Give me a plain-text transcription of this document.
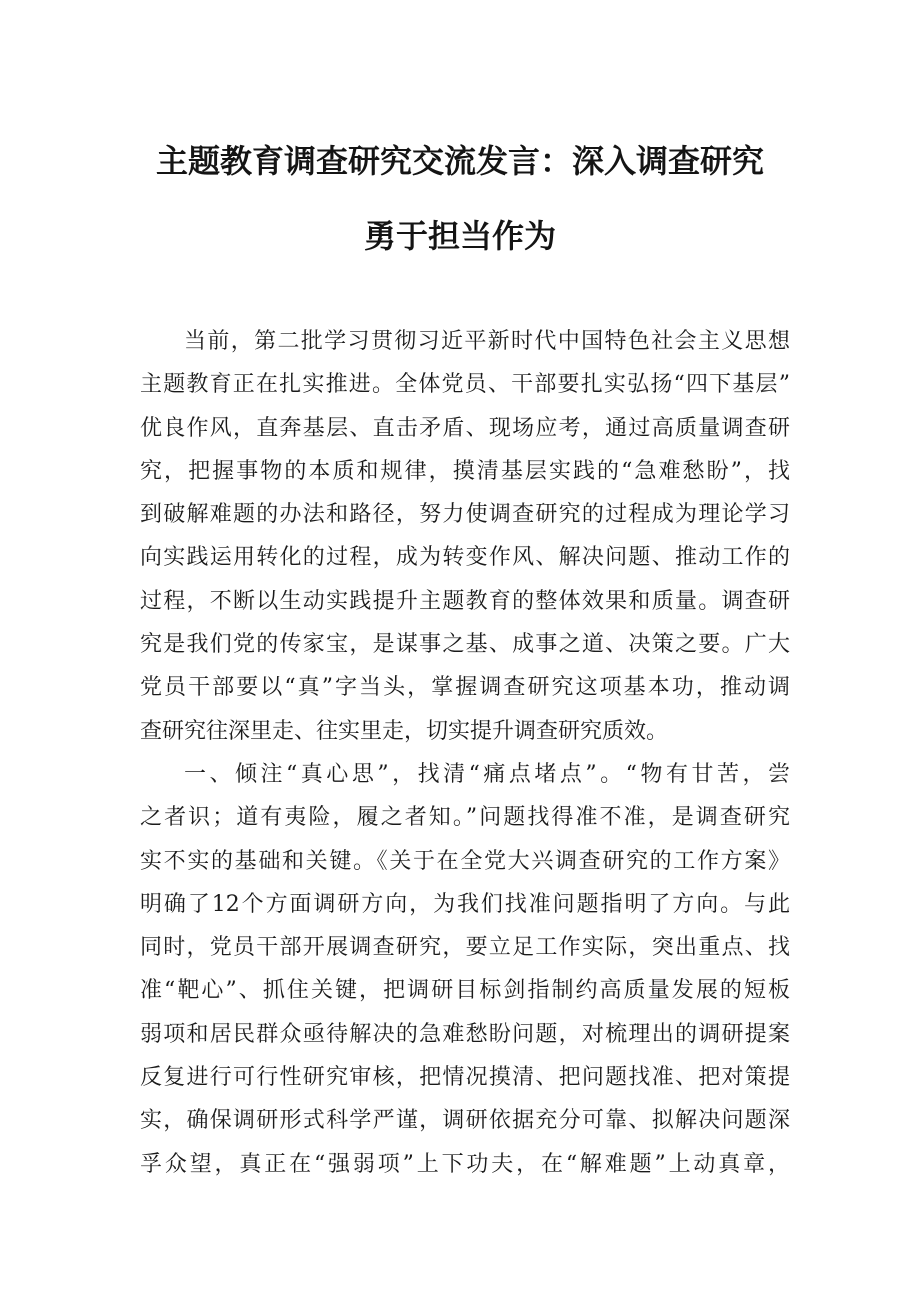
主题教育调查研究交流发言：深入调查研究
勇于担当作为
当前，第二批学习贯彻习近平新时代中国特色社会主义思想
主题教育正在扎实推进。全体党员、干部要扎实弘扬“四下基层”
优良作风，直奔基层、直击矛盾、现场应考，通过高质量调查研
究，把握事物的本质和规律，摸清基层实践的“急难愁盼”，找
到破解难题的办法和路径，努力使调查研究的过程成为理论学习
向实践运用转化的过程，成为转变作风、解决问题、推动工作的
过程，不断以生动实践提升主题教育的整体效果和质量。调查研
究是我们党的传家宝，是谋事之基、成事之道、决策之要。广大
党员干部要以“真”字当头，掌握调查研究这项基本功，推动调
查研究往深里走、往实里走，切实提升调查研究质效。
一、倾注“真心思”，找清“痛点堵点”。“物有甘苦，尝
之者识；道有夷险，履之者知。”问题找得准不准，是调查研究
实不实的基础和关键。《关于在全党大兴调查研究的工作方案》
明确了12个方面调研方向，为我们找准问题指明了方向。与此
同时，党员干部开展调查研究，要立足工作实际，突出重点、找
准“靶心”、抓住关键，把调研目标剑指制约高质量发展的短板
弱项和居民群众亟待解决的急难愁盼问题，对梳理出的调研提案
反复进行可行性研究审核，把情况摸清、把问题找准、把对策提
实，确保调研形式科学严谨，调研依据充分可靠、拟解决问题深
孚众望，真正在“强弱项”上下功夫，在“解难题”上动真章，
